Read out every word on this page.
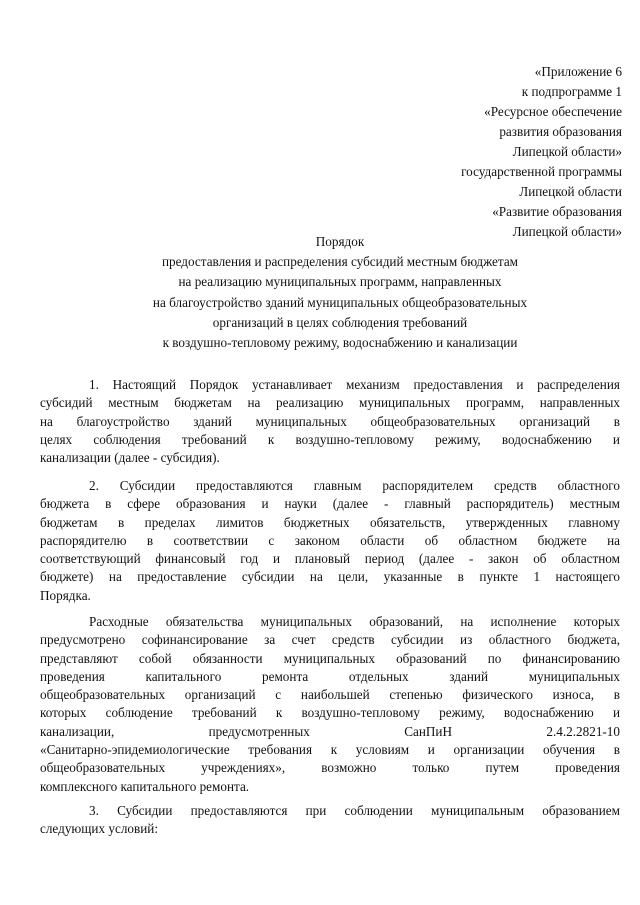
«Приложение 6
к подпрограмме 1
«Ресурсное обеспечение
развития образования
Липецкой области»
государственной программы
Липецкой области
«Развитие образования
Липецкой области»
Порядок
предоставления и распределения субсидий местным бюджетам
на реализацию муниципальных программ, направленных
на благоустройство зданий муниципальных общеобразовательных
организаций в целях соблюдения требований
к воздушно-тепловому режиму, водоснабжению и канализации
1. Настоящий Порядок устанавливает механизм предоставления и распределения
субсидий местным бюджетам на реализацию муниципальных программ, направленных
на благоустройство зданий муниципальных общеобразовательных организаций в
целях соблюдения требований к воздушно-тепловому режиму, водоснабжению и
канализации (далее - субсидия).
2. Субсидии предоставляются главным распорядителем средств областного
бюджета в сфере образования и науки (далее - главный распорядитель) местным
бюджетам в пределах лимитов бюджетных обязательств, утвержденных главному
распорядителю в соответствии с законом области об областном бюджете на
соответствующий финансовый год и плановый период (далее - закон об областном
бюджете) на предоставление субсидии на цели, указанные в пункте 1 настоящего
Порядка.
Расходные обязательства муниципальных образований, на исполнение которых
предусмотрено софинансирование за счет средств субсидии из областного бюджета,
представляют собой обязанности муниципальных образований по финансированию
проведения капитального ремонта отдельных зданий муниципальных
общеобразовательных организаций с наибольшей степенью физического износа, в
которых соблюдение требований к воздушно-тепловому режиму, водоснабжению и
канализации, предусмотренных СанПиН 2.4.2.2821-10
«Санитарно-эпидемиологические требования к условиям и организации обучения в
общеобразовательных учреждениях», возможно только путем проведения
комплексного капитального ремонта.
3. Субсидии предоставляются при соблюдении муниципальным образованием
следующих условий:
